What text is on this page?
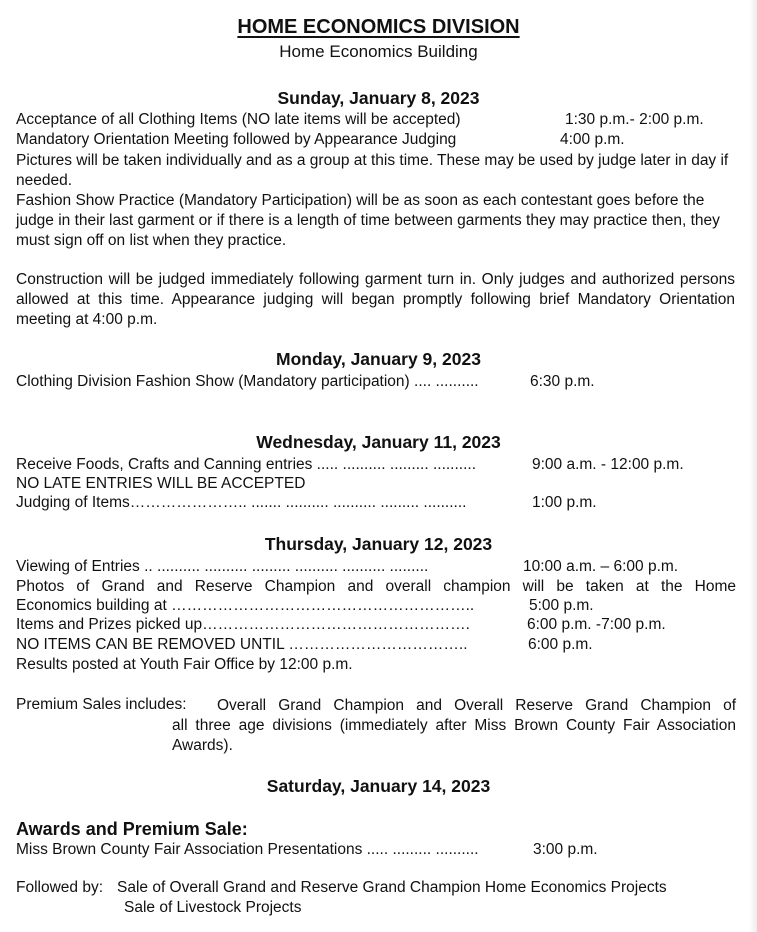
HOME ECONOMICS DIVISION
Home Economics Building
Sunday, January 8, 2023
Acceptance of all Clothing Items (NO late items will be accepted)	1:30 p.m.- 2:00 p.m.
Mandatory Orientation Meeting followed by Appearance Judging	4:00 p.m.
Pictures will be taken individually and as a group at this time. These may be used by judge later in day if needed.
Fashion Show Practice (Mandatory Participation) will be as soon as each contestant goes before the judge in their last garment or if there is a length of time between garments they may practice then, they must sign off on list when they practice.
Construction will be judged immediately following garment turn in. Only judges and authorized persons allowed at this time. Appearance judging will began promptly following brief Mandatory Orientation meeting at 4:00 p.m.
Monday, January 9, 2023
Clothing Division Fashion Show (Mandatory participation) .... ..........	6:30 p.m.
Wednesday, January 11, 2023
Receive Foods, Crafts and Canning entries ..... .......... ......... ..........	9:00 a.m. - 12:00 p.m.
NO LATE ENTRIES WILL BE ACCEPTED
Judging of Items………………….. ....... .......... .......... ......... ..........	1:00 p.m.
Thursday, January 12, 2023
Viewing of Entries .. .......... .......... ......... .......... .......... .........	10:00 a.m. – 6:00 p.m.
Photos of Grand and Reserve Champion and overall champion will be taken at the Home
Economics building at …………………………………………………..	5:00 p.m.
Items and Prizes picked up…………………………………………….	6:00 p.m. -7:00 p.m.
NO ITEMS CAN BE REMOVED UNTIL ……………………………..	6:00 p.m.
Results posted at Youth Fair Office by 12:00 p.m.
Premium Sales includes: Overall Grand Champion and Overall Reserve Grand Champion of
all three age divisions (immediately after Miss Brown County Fair Association Awards).
Saturday, January 14, 2023
Awards and Premium Sale:
Miss Brown County Fair Association Presentations ..... ......... ..........	3:00 p.m.
Followed by: Sale of Overall Grand and Reserve Grand Champion Home Economics Projects
Sale of Livestock Projects
